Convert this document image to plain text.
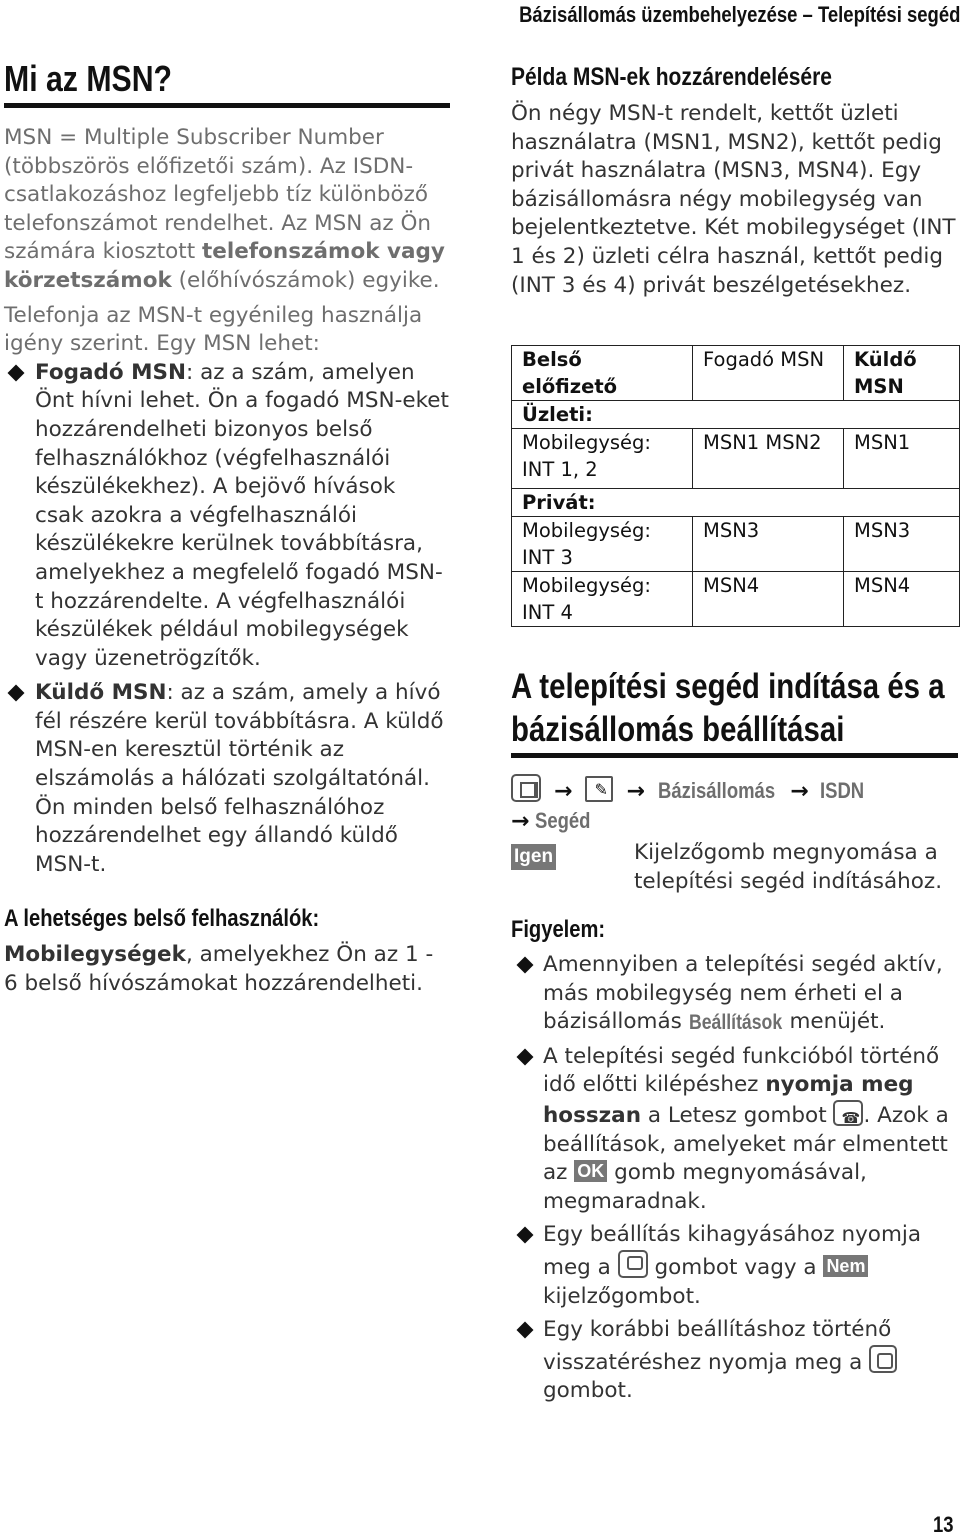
Bázisállomás üzembehelyezése – Telepítési segéd
Mi az MSN?

MSN = Multiple Subscriber Number (többszörös előfizetői szám). Az ISDN-csatlakozáshoz legfeljebb tíz különböző telefonszámot rendelhet. Az MSN az Ön számára kiosztott telefonszámok vagy körzetszámok (előhívószámok) egyike.

Telefonja az MSN-t egyénileg használja igény szerint. Egy MSN lehet:

Fogadó MSN: az a szám, amelyen Önt hívni lehet. Ön a fogadó MSN-eket hozzárendelheti bizonyos belső felhasználókhoz (végfelhasználói készülékekhez). A bejövő hívások csak azokra a végfelhasználói készülékekre kerülnek továbbításra, amelyekhez a megfelelő fogadó MSN-t hozzárendelte. A végfelhasználói készülékek például mobilegységek vagy üzenetrögzítők.
Küldő MSN: az a szám, amely a hívó fél részére kerül továbbításra. A küldő MSN-en keresztül történik az elszámolás a hálózati szolgáltatónál. Ön minden belső felhasználóhoz hozzárendelhet egy állandó küldő MSN-t.
A lehetséges belső felhasználók:
Mobilegységek, amelyekhez Ön az 1 - 6 belső hívószámokat hozzárendelheti.
Példa MSN-ek hozzárendelésére
Ön négy MSN-t rendelt, kettőt üzleti használatra (MSN1, MSN2), kettőt pedig privát használatra (MSN3, MSN4). Egy bázisállomásra négy mobilegység van bejelentkeztetve. Két mobilegységet (INT 1 és 2) üzleti célra használ, kettőt pedig (INT 3 és 4) privát beszélgetésekhez.
Belső előfizető	Fogadó MSN	Küldő MSN
Üzleti:		
Mobilegység: INT 1, 2	MSN1 MSN2	MSN1
Privát:		
Mobilegység: INT 3	MSN3	MSN3
Mobilegység: INT 4	MSN4	MSN4
A telepítési segéd indítása és a bázisállomás beállításai
→ ✎ → Bázisállomás → ISDN
→ Segéd
Igen	Kijelzőgomb megnyomása a telepítési segéd indításához.
Figyelem:
Amennyiben a telepítési segéd aktív, más mobilegység nem érheti el a bázisállomás Beállítások menüjét.
A telepítési segéd funkcióból történő idő előtti kilépéshez nyomja meg hosszan a Letesz gombot ☎ . Azok a beállítások, amelyeket már elmentett az OK gomb megnyomásával, megmaradnak.
Egy beállítás kihagyásához nyomja meg a
gombot vagy a Nem kijelzőgombot.
Egy korábbi beállításhoz történő visszatéréshez nyomja meg a
gombot.
13
